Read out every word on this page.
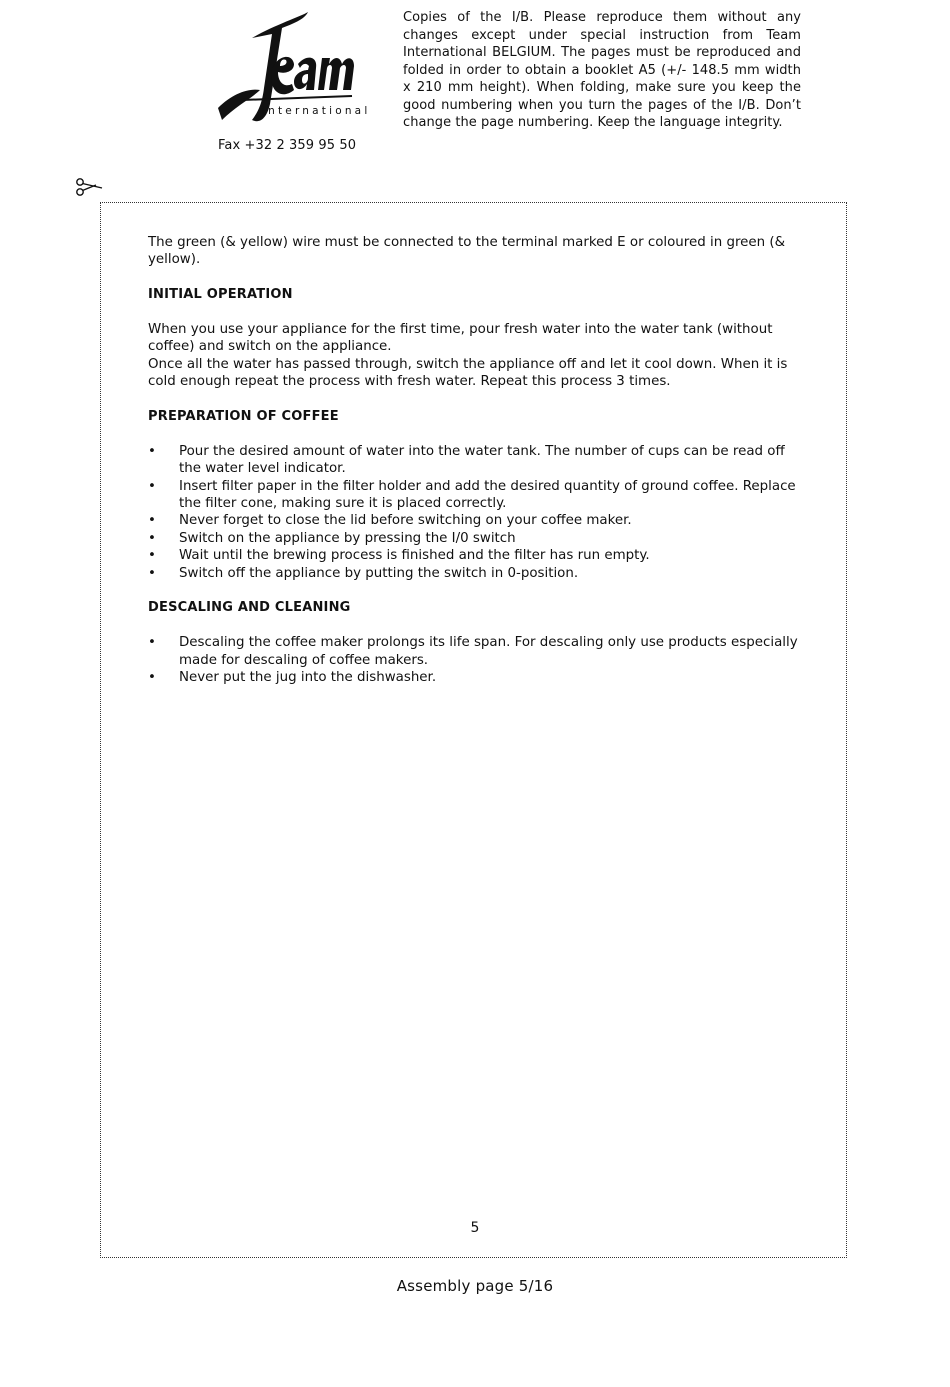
international
Fax +32 2 359 95 50
Copies of the I/B. Please reproduce them without any changes except under special instruction from Team International BELGIUM. The pages must be reproduced and folded in order to obtain a booklet A5 (+/- 148.5 mm width x 210 mm height). When folding, make sure you keep the good numbering when you turn the pages of the I/B. Don’t change the page numbering. Keep the language integrity.

The green (& yellow) wire must be connected to the terminal marked E or coloured in green (& yellow).

INITIAL OPERATION

When you use your appliance for the first time, pour fresh water into the water tank (without coffee) and switch on the appliance.

Once all the water has passed through, switch the appliance off and let it cool down. When it is cold enough repeat the process with fresh water. Repeat this process 3 times.

PREPARATION OF COFFEE

• Pour the desired amount of water into the water tank. The number of cups can be read off the water level indicator.
• Insert filter paper in the filter holder and add the desired quantity of ground coffee. Replace the filter cone, making sure it is placed correctly.
• Never forget to close the lid before switching on your coffee maker.
• Switch on the appliance by pressing the I/0 switch
• Wait until the brewing process is finished and the filter has run empty.
• Switch off the appliance by putting the switch in 0-position.

DESCALING AND CLEANING

• Descaling the coffee maker prolongs its life span. For descaling only use products especially made for descaling of coffee makers.
• Never put the jug into the dishwasher.
5
Assembly page 5/16
